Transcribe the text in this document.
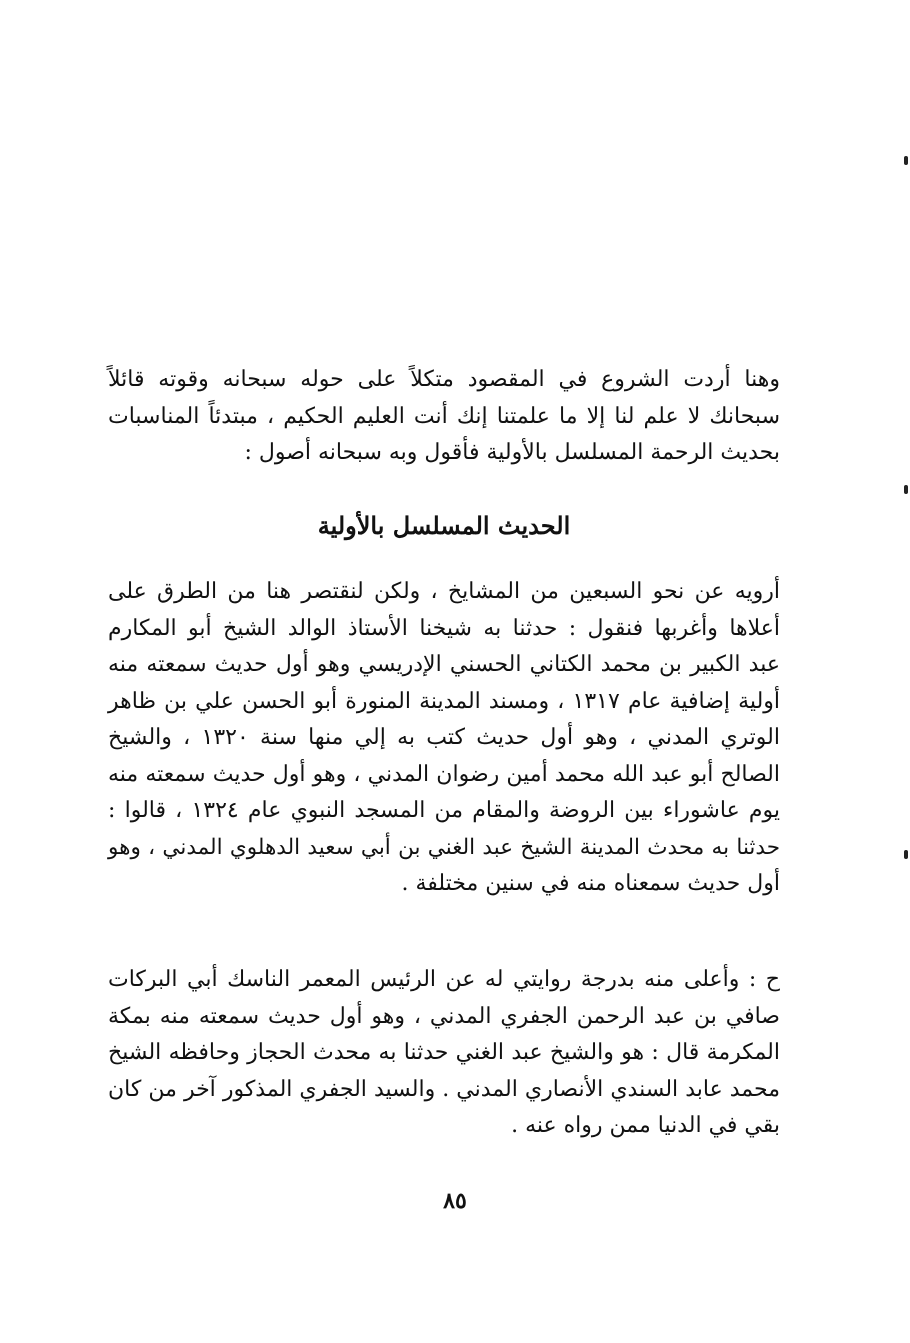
وهنا أردت الشروع في المقصود متكلاً على حوله سبحانه وقوته قائلاً
سبحانك لا علم لنا إلا ما علمتنا إنك أنت العليم الحكيم ، مبتدئاً المناسبات
بحديث الرحمة المسلسل بالأولية فأقول وبه سبحانه أصول :
الحديث المسلسل بالأولية
أرويه عن نحو السبعين من المشايخ ، ولكن لنقتصر هنا من الطرق على
أعلاها وأغربها فنقول : حدثنا به شيخنا الأستاذ الوالد الشيخ أبو المكارم
عبد الكبير بن محمد الكتاني الحسني الإدريسي وهو أول حديث سمعته منه
أولية إضافية عام ١٣١٧ ، ومسند المدينة المنورة أبو الحسن علي بن ظاهر
الوتري المدني ، وهو أول حديث كتب به إلي منها سنة ١٣٢٠ ، والشيخ
الصالح أبو عبد الله محمد أمين رضوان المدني ، وهو أول حديث سمعته منه
يوم عاشوراء بين الروضة والمقام من المسجد النبوي عام ١٣٢٤ ، قالوا :
حدثنا به محدث المدينة الشيخ عبد الغني بن أبي سعيد الدهلوي المدني ، وهو
أول حديث سمعناه منه في سنين مختلفة .
ح : وأعلى منه بدرجة روايتي له عن الرئيس المعمر الناسك أبي البركات
صافي بن عبد الرحمن الجفري المدني ، وهو أول حديث سمعته منه بمكة
المكرمة قال : هو والشيخ عبد الغني حدثنا به محدث الحجاز وحافظه الشيخ
محمد عابد السندي الأنصاري المدني . والسيد الجفري المذكور آخر من كان
بقي في الدنيا ممن رواه عنه .
٨٥
